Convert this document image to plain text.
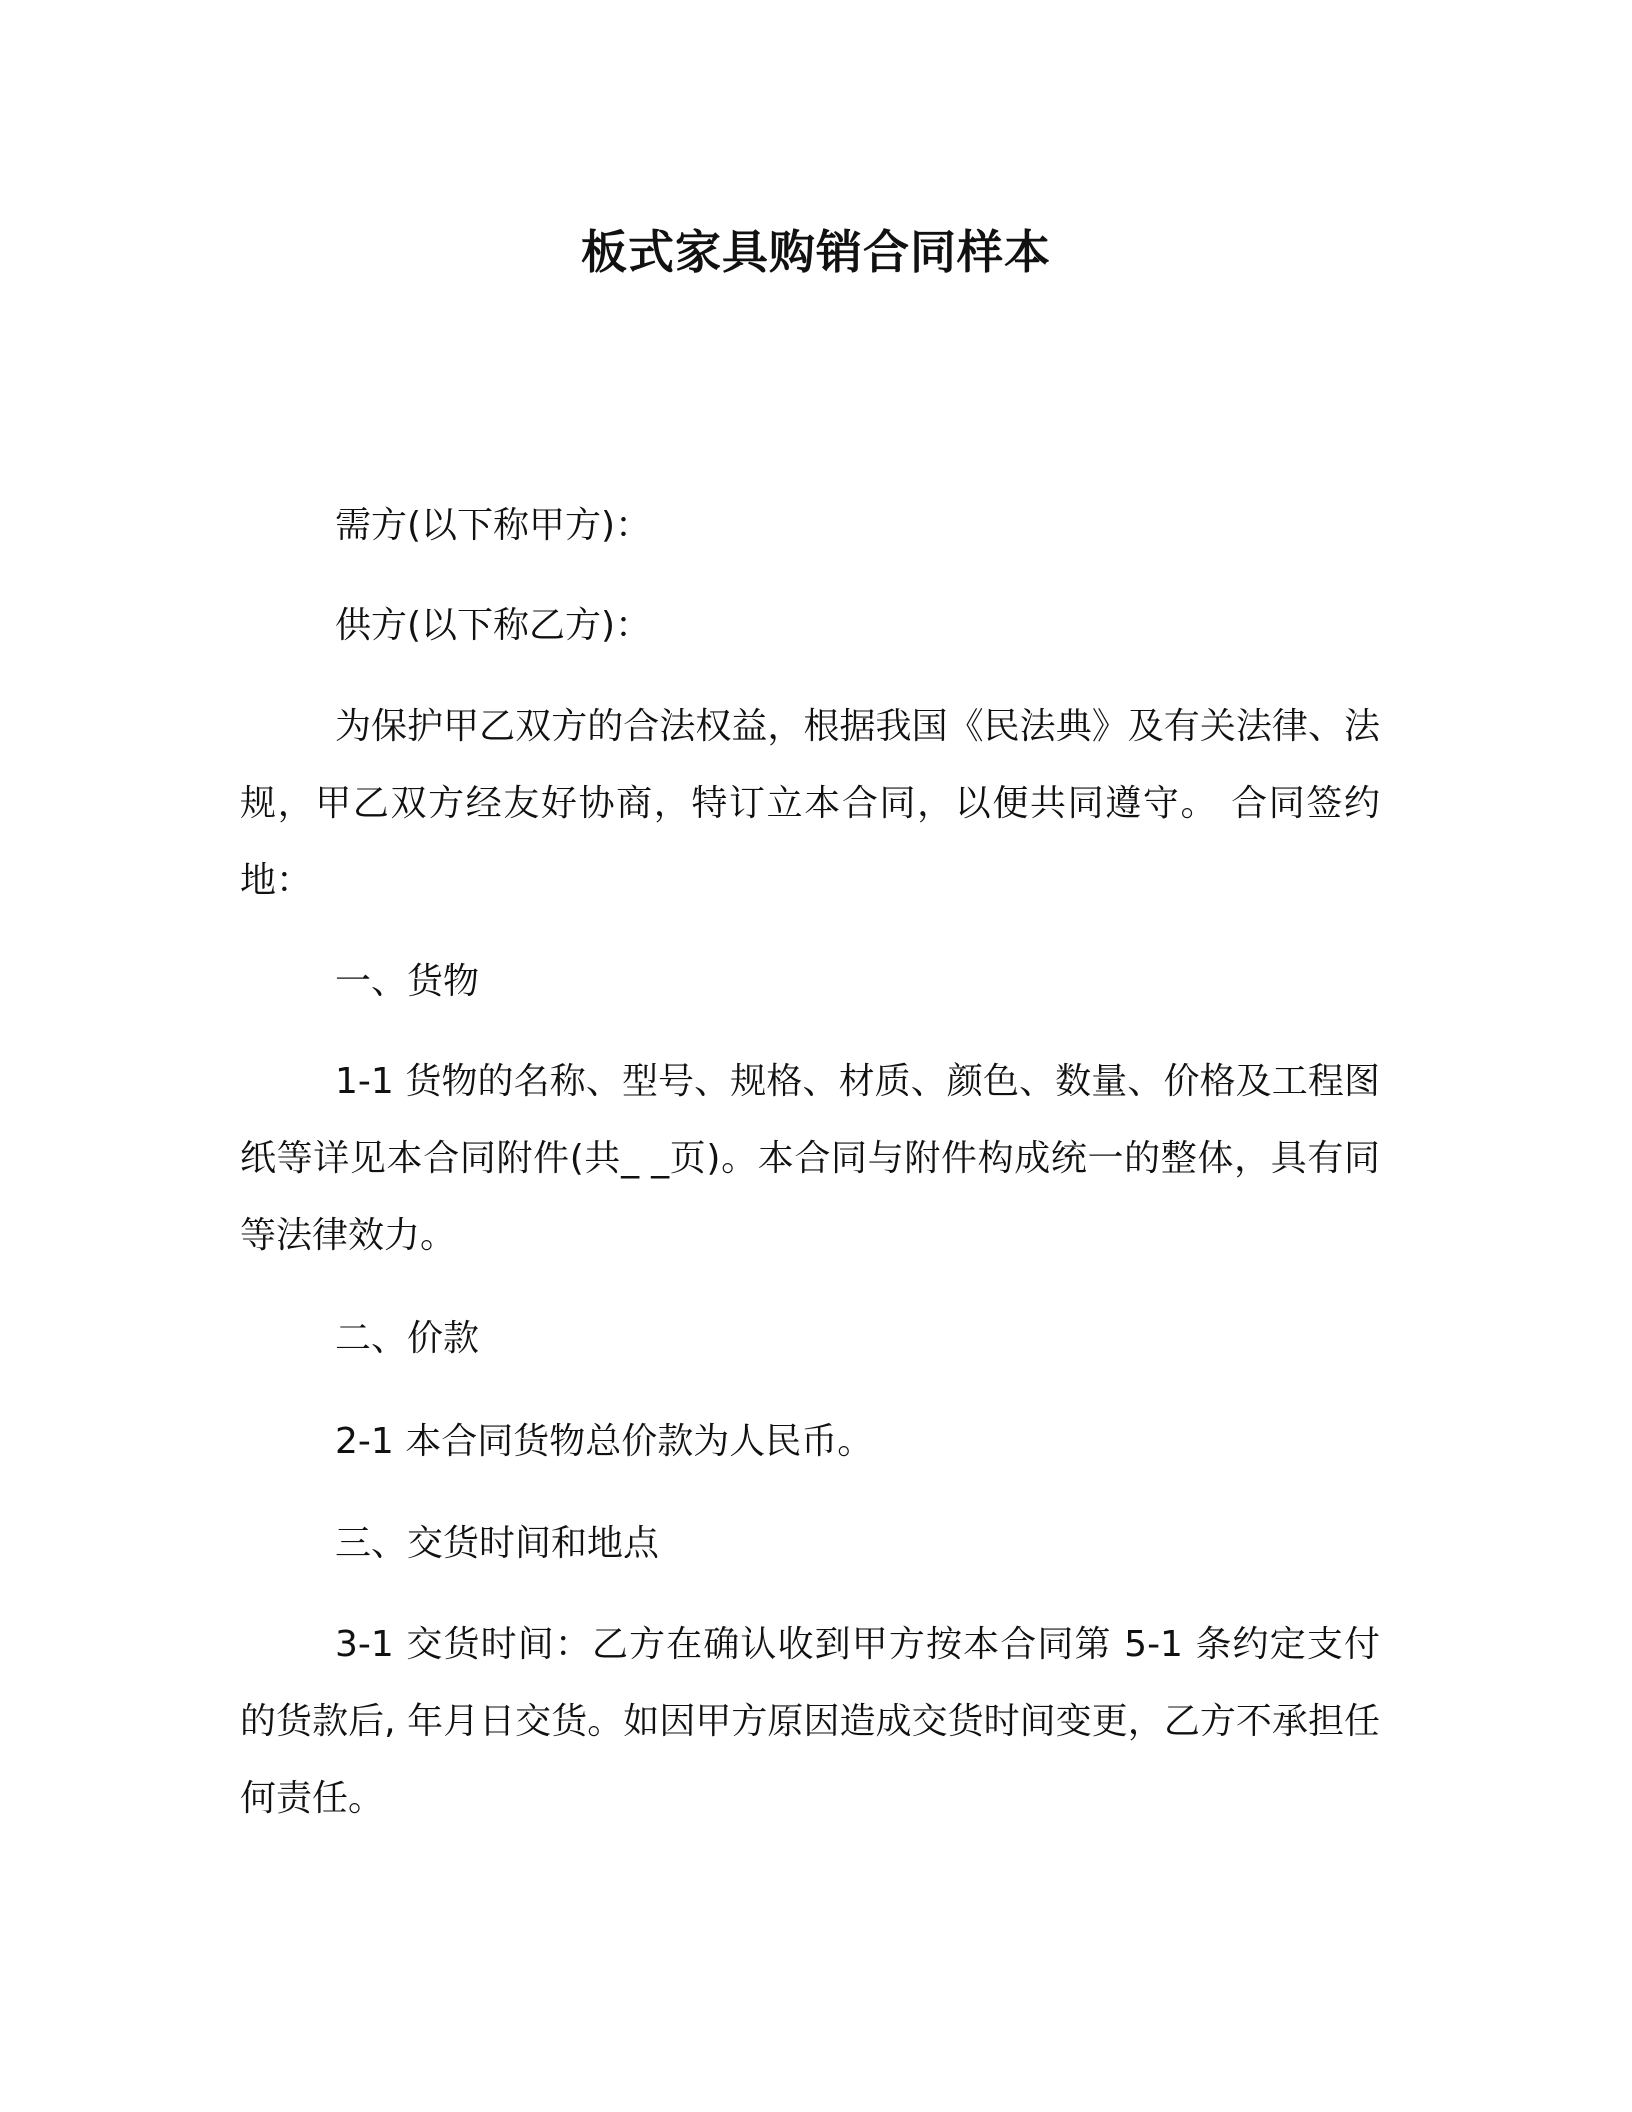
板式家具购销合同样本

需方(以下称甲方)：

供方(以下称乙方)：

为保护甲乙双方的合法权益，根据我国《民法典》及有关法律、法规，甲乙双方经友好协商，特订立本合同，以便共同遵守。 合同签约地：

一、货物

1-1 货物的名称、型号、规格、材质、颜色、数量、价格及工程图纸等详见本合同附件(共_ _页)。本合同与附件构成统一的整体，具有同等法律效力。

二、价款

2-1 本合同货物总价款为人民币。

三、交货时间和地点

3-1 交货时间：乙方在确认收到甲方按本合同第 5-1 条约定支付的货款后, 年月日交货。如因甲方原因造成交货时间变更，乙方不承担任何责任。
